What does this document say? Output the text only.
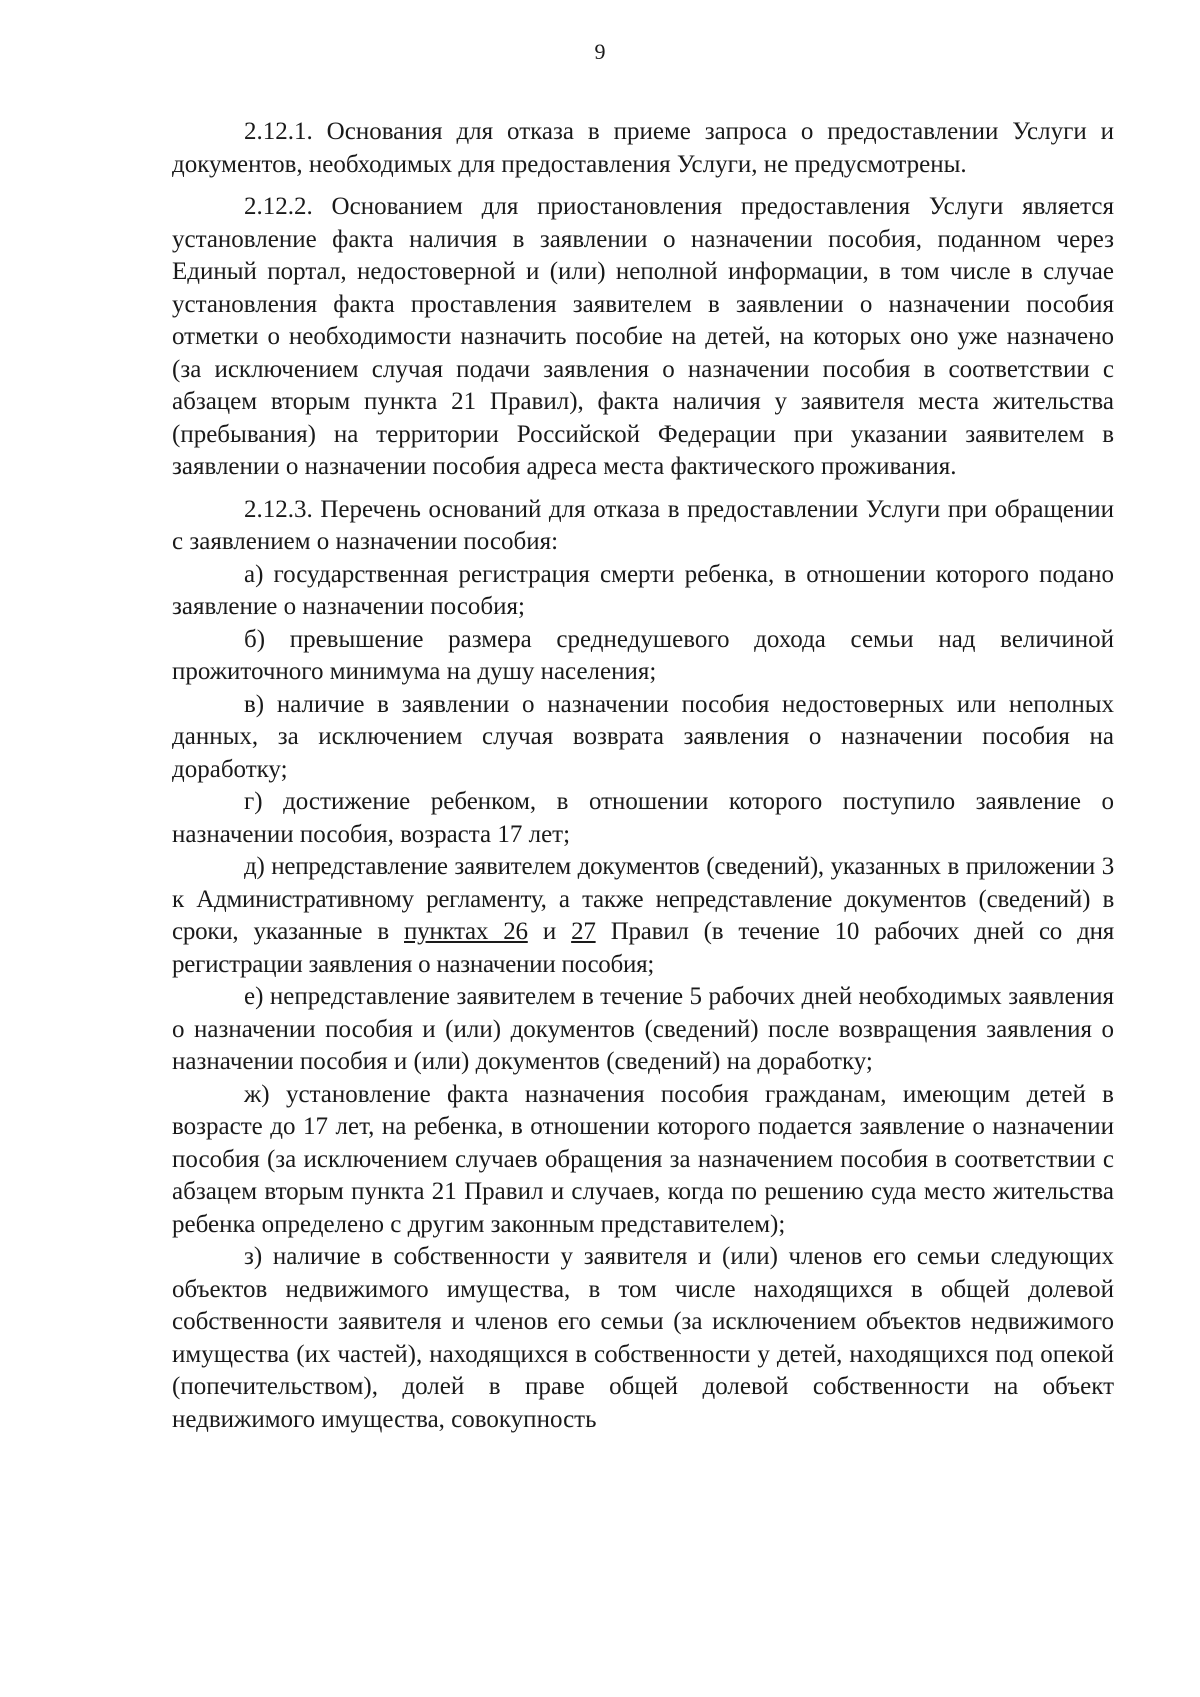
9

2.12.1. Основания для отказа в приеме запроса о предоставлении Услуги и документов, необходимых для предоставления Услуги, не предусмотрены.

2.12.2. Основанием для приостановления предоставления Услуги является установление факта наличия в заявлении о назначении пособия, поданном через Единый портал, недостоверной и (или) неполной информации, в том числе в случае установления факта проставления заявителем в заявлении о назначении пособия отметки о необходимости назначить пособие на детей, на которых оно уже назначено (за исключением случая подачи заявления о назначении пособия в соответствии с абзацем вторым пункта 21 Правил), факта наличия у заявителя места жительства (пребывания) на территории Российской Федерации при указании заявителем в заявлении о назначении пособия адреса места фактического проживания.

2.12.3. Перечень оснований для отказа в предоставлении Услуги при обращении с заявлением о назначении пособия:

а) государственная регистрация смерти ребенка, в отношении которого подано заявление о назначении пособия;

б) превышение размера среднедушевого дохода семьи над величиной прожиточного минимума на душу населения;

в) наличие в заявлении о назначении пособия недостоверных или неполных данных, за исключением случая возврата заявления о назначении пособия на доработку;

г) достижение ребенком, в отношении которого поступило заявление о назначении пособия, возраста 17 лет;

д) непредставление заявителем документов (сведений), указанных в приложении 3 к Административному регламенту, а также непредставление документов (сведений) в сроки, указанные в пунктах 26 и 27 Правил (в течение 10 рабочих дней со дня регистрации заявления о назначении пособия;

е) непредставление заявителем в течение 5 рабочих дней необходимых заявления о назначении пособия и (или) документов (сведений) после возвращения заявления о назначении пособия и (или) документов (сведений) на доработку;

ж) установление факта назначения пособия гражданам, имеющим детей в возрасте до 17 лет, на ребенка, в отношении которого подается заявление о назначении пособия (за исключением случаев обращения за назначением пособия в соответствии с абзацем вторым пункта 21 Правил и случаев, когда по решению суда место жительства ребенка определено с другим законным представителем);

з) наличие в собственности у заявителя и (или) членов его семьи следующих объектов недвижимого имущества, в том числе находящихся в общей долевой собственности заявителя и членов его семьи (за исключением объектов недвижимого имущества (их частей), находящихся в собственности у детей, находящихся под опекой (попечительством), долей в праве общей долевой собственности на объект недвижимого имущества, совокупность
